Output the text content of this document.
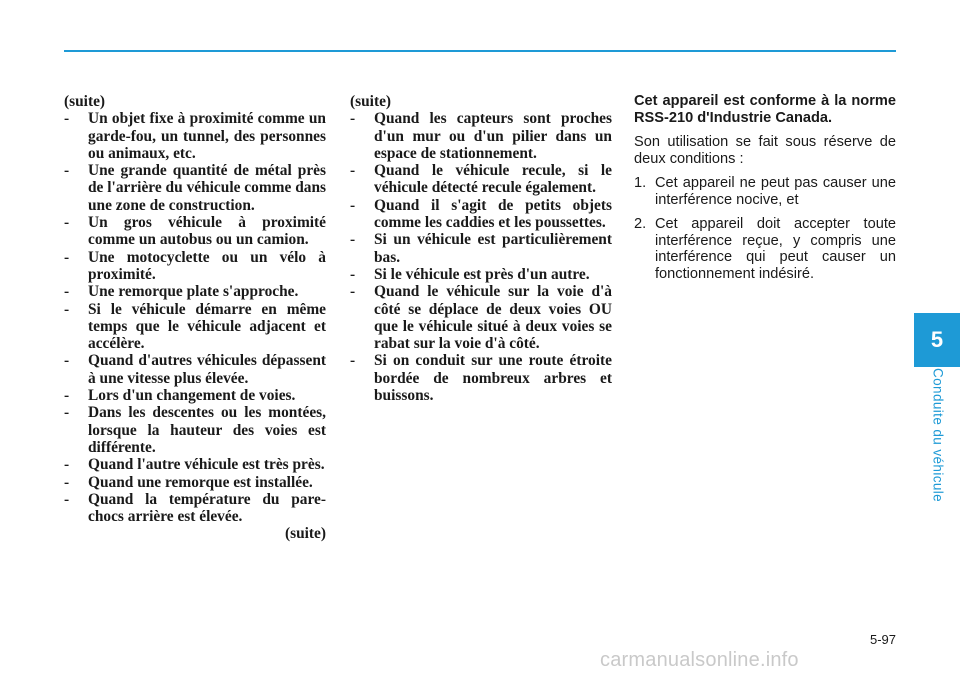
(suite)

-Un objet fixe à proximité comme un garde-fou, un tunnel, des personnes ou animaux, etc.

-Une grande quantité de métal près de l'arrière du véhicule comme dans une zone de construction.

-Un gros véhicule à proximité comme un autobus ou un camion.

-Une motocyclette ou un vélo à proximité.

-Une remorque plate s'approche.

-Si le véhicule démarre en même temps que le véhicule adjacent et accélère.

-Quand d'autres véhicules dépassent à une vitesse plus élevée.

-Lors d'un changement de voies.

-Dans les descentes ou les montées, lorsque la hauteur des voies est différente.

-Quand l'autre véhicule est très près.

-Quand une remorque est installée.

-Quand la température du pare-chocs arrière est élevée.

(suite)

(suite)

-Quand les capteurs sont proches d'un mur ou d'un pilier dans un espace de stationnement.

-Quand le véhicule recule, si le véhicule détecté recule également.

-Quand il s'agit de petits objets comme les caddies et les poussettes.

-Si un véhicule est particulièrement bas.

-Si le véhicule est près d'un autre.

-Quand le véhicule sur la voie d'à côté se déplace de deux voies OU que le véhicule situé à deux voies se rabat sur la voie d'à côté.

-Si on conduit sur une route étroite bordée de nombreux arbres et buissons.

Cet appareil est conforme à la norme RSS-210 d'Industrie Canada.

Son utilisation se fait sous réserve de deux conditions :

1. Cet appareil ne peut pas causer une interférence nocive, et

2. Cet appareil doit accepter toute interférence reçue, y compris une interférence qui peut causer un fonctionnement indésiré.

5
Conduite du véhicule
5-97
carmanualsonline.info
